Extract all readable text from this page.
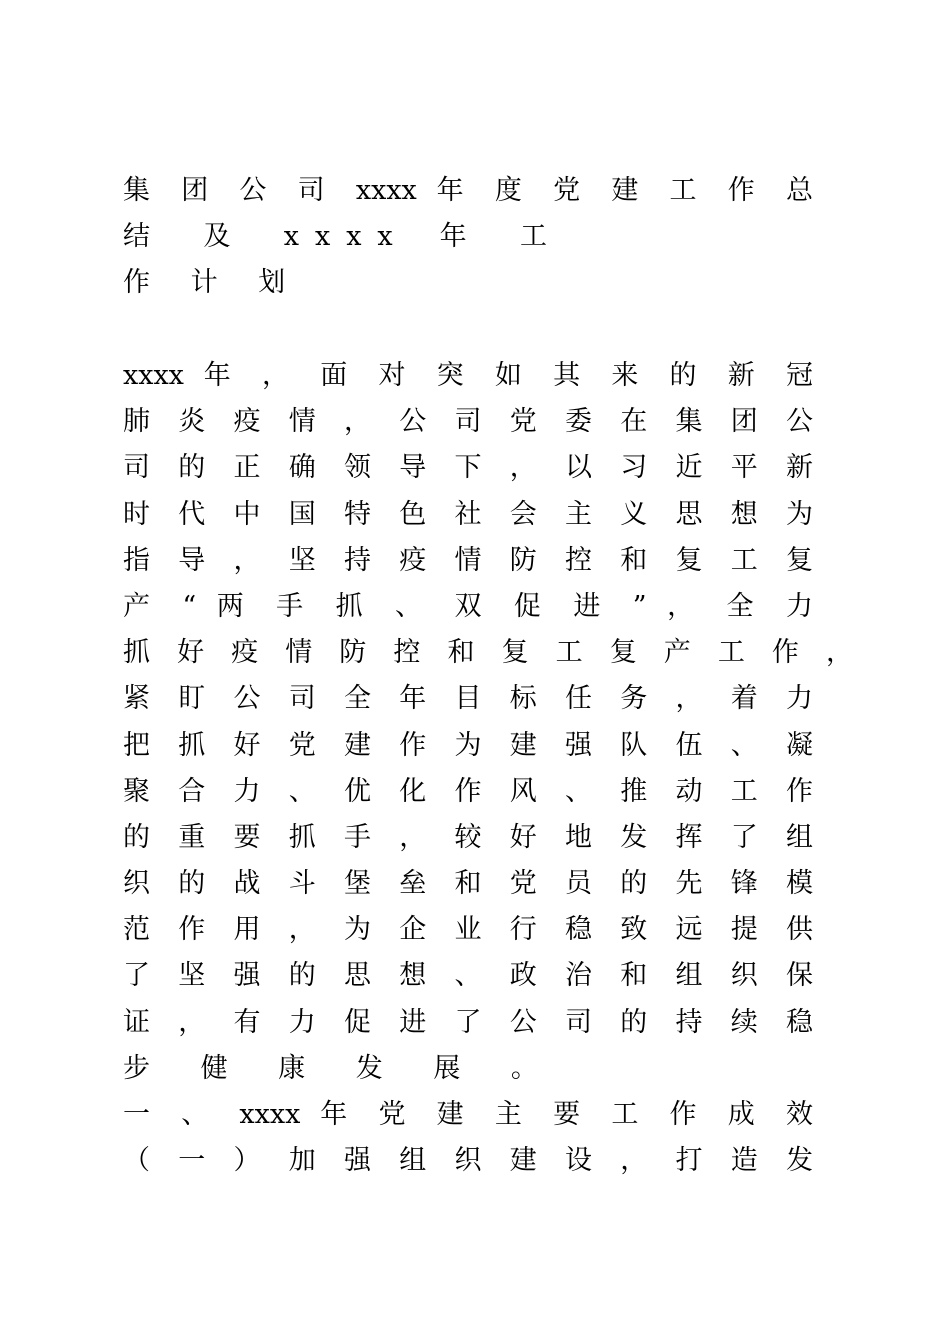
集 团 公 司 xxxx 年 度 党 建 工 作 总
结 及 xxxx 年 工 作 计 划
xxxx 年 ， 面 对 突 如 其 来 的 新 冠
肺 炎 疫 情 ， 公 司 党 委 在 集 团 公
司 的 正 确 领 导 下 ， 以 习 近 平 新
时 代 中 国 特 色 社 会 主 义 思 想 为
指 导 ， 坚 持 疫 情 防 控 和 复 工 复
产 “ 两 手 抓 、 双 促 进 ” ， 全 力
抓 好 疫 情 防 控 和 复 工 复 产 工 作 ，
紧 盯 公 司 全 年 目 标 任 务 ， 着 力
把 抓 好 党 建 作 为 建 强 队 伍 、 凝
聚 合 力 、 优 化 作 风 、 推 动 工 作
的 重 要 抓 手 ， 较 好 地 发 挥 了 组
织 的 战 斗 堡 垒 和 党 员 的 先 锋 模
范 作 用 ， 为 企 业 行 稳 致 远 提 供
了 坚 强 的 思 想 、 政 治 和 组 织 保
证 ， 有 力 促 进 了 公 司 的 持 续 稳
步 健 康 发 展 。
一 、 xxxx 年 党 建 主 要 工 作 成 效
（ 一 ） 加 强 组 织 建 设 ， 打 造 发
